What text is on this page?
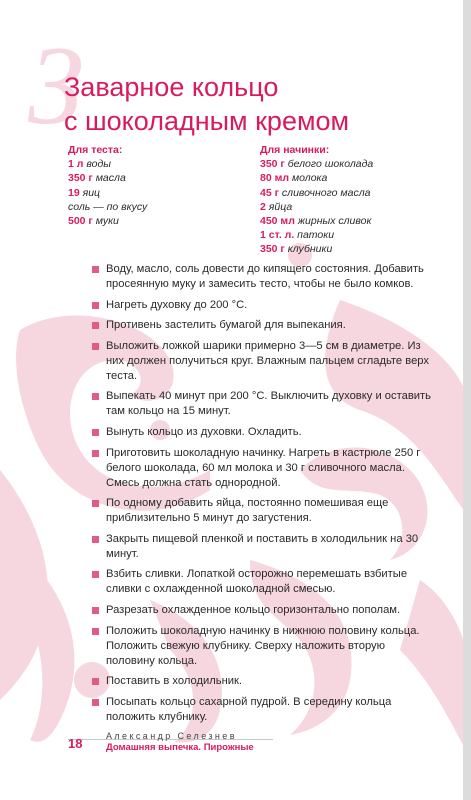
З
Заварное кольцо
с шоколадным кремом
Для теста:
1 л воды
350 г масла
19 яиц
соль — по вкусу
500 г муки
Для начинки:
350 г белого шоколада
80 мл молока
45 г сливочного масла
2 яйца
450 мл жирных сливок
1 ст. л. патоки
350 г клубники
Воду, масло, соль довести до кипящего состояния. Добавить просеянную муку и замесить тесто, чтобы не было комков.
Нагреть духовку до 200 °С.
Противень застелить бумагой для выпекания.
Выложить ложкой шарики примерно 3—5 см в диаметре. Из них должен получиться круг. Влажным пальцем сгладьте верх теста.
Выпекать 40 минут при 200 °С. Выключить духовку и оставить там кольцо на 15 минут.
Вынуть кольцо из духовки. Охладить.
Приготовить шоколадную начинку. Нагреть в кастрюле 250 г белого шоколада, 60 мл молока и 30 г сливочного масла. Смесь должна стать однородной.
По одному добавить яйца, постоянно помешивая еще приблизительно 5 минут до загустения.
Закрыть пищевой пленкой и поставить в холодильник на 30 минут.
Взбить сливки. Лопаткой осторожно перемешать взбитые сливки с охлажденной шоколадной смесью.
Разрезать охлажденное кольцо горизонтально пополам.
Положить шоколадную начинку в нижнюю половину кольца. Положить свежую клубнику. Сверху наложить вторую половину кольца.
Поставить в холодильник.
Посыпать кольцо сахарной пудрой. В середину кольца положить клубнику.
18	Александр Селезнев
Домашняя выпечка. Пирожные
